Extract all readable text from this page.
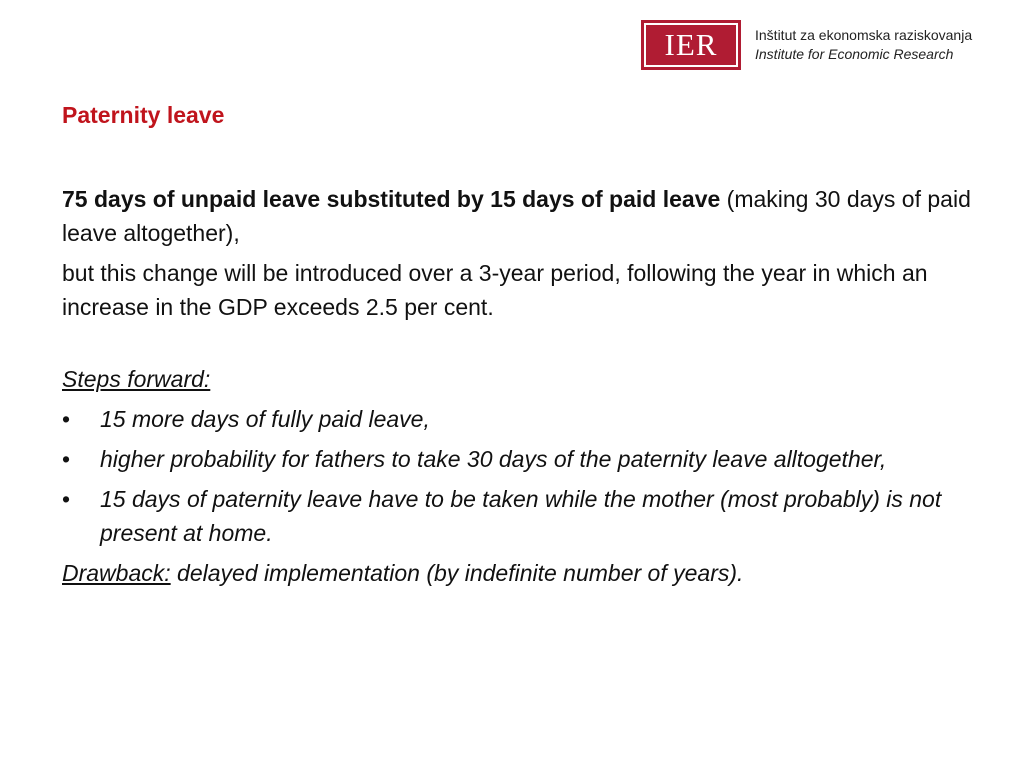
IER	Inštitut za ekonomska raziskovanja
Institute for Economic Research
Paternity leave

75 days of unpaid leave substituted by 15 days of paid leave (making 30 days of paid leave altogether),

but this change will be introduced over a 3-year period, following the year in which an increase in the GDP exceeds 2.5 per cent.

Steps forward:
• 15 more days of fully paid leave,
• higher probability for fathers to take 30 days of the paternity leave alltogether,
• 15 days of paternity leave have to be taken while the mother (most probably) is not present at home.

Drawback: delayed implementation (by indefinite number of years).
